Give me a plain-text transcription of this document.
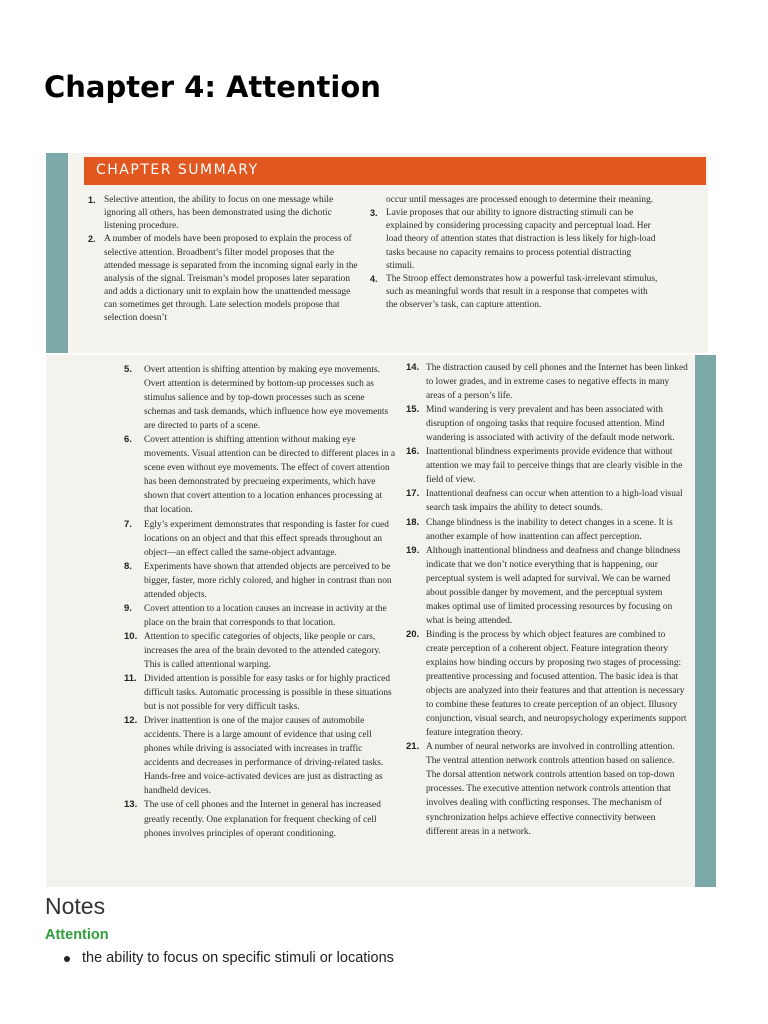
Chapter 4: Attention
CHAPTER SUMMARY
1. Selective attention, the ability to focus on one message while ignoring all others, has been demonstrated using the dichotic listening procedure.
2. A number of models have been proposed to explain the process of selective attention. Broadbent’s filter model proposes that the attended message is separated from the incoming signal early in the analysis of the signal. Treisman’s model proposes later separation and adds a dictionary unit to explain how the unattended message can sometimes get through. Late selection models propose that selection doesn’t
occur until messages are processed enough to determine their meaning.
3. Lavie proposes that our ability to ignore distracting stimuli can be explained by considering processing capacity and perceptual load. Her load theory of attention states that distraction is less likely for high-load tasks because no capacity remains to process potential distracting stimuli.
4. The Stroop effect demonstrates how a powerful task-irrelevant stimulus, such as meaningful words that result in a response that competes with the observer’s task, can capture attention.
5. Overt attention is shifting attention by making eye movements. Overt attention is determined by bottom-up processes such as stimulus salience and by top-down processes such as scene schemas and task demands, which influence how eye movements are directed to parts of a scene.
6. Covert attention is shifting attention without making eye movements. Visual attention can be directed to different places in a scene even without eye movements. The effect of covert attention has been demonstrated by precueing experiments, which have shown that covert attention to a location enhances processing at that location.
7. Egly’s experiment demonstrates that responding is faster for cued locations on an object and that this effect spreads throughout an object—an effect called the same-object advantage.
8. Experiments have shown that attended objects are perceived to be bigger, faster, more richly colored, and higher in contrast than non attended objects.
9. Covert attention to a location causes an increase in activity at the place on the brain that corresponds to that location.
10. Attention to specific categories of objects, like people or cars, increases the area of the brain devoted to the attended category. This is called attentional warping.
11. Divided attention is possible for easy tasks or for highly practiced difficult tasks. Automatic processing is possible in these situations but is not possible for very difficult tasks.
12. Driver inattention is one of the major causes of automobile accidents. There is a large amount of evidence that using cell phones while driving is associated with increases in traffic accidents and decreases in performance of driving-related tasks. Hands-free and voice-activated devices are just as distracting as handheld devices.
13. The use of cell phones and the Internet in general has increased greatly recently. One explanation for frequent checking of cell phones involves principles of operant conditioning.
14. The distraction caused by cell phones and the Internet has been linked to lower grades, and in extreme cases to negative effects in many areas of a person’s life.
15. Mind wandering is very prevalent and has been associated with disruption of ongoing tasks that require focused attention. Mind wandering is associated with activity of the default mode network.
16. Inattentional blindness experiments provide evidence that without attention we may fail to perceive things that are clearly visible in the field of view.
17. Inattentional deafness can occur when attention to a high-load visual search task impairs the ability to detect sounds.
18. Change blindness is the inability to detect changes in a scene. It is another example of how inattention can affect perception.
19. Although inattentional blindness and deafness and change blindness indicate that we don’t notice everything that is happening, our perceptual system is well adapted for survival. We can be warned about possible danger by movement, and the perceptual system makes optimal use of limited processing resources by focusing on what is being attended.
20. Binding is the process by which object features are combined to create perception of a coherent object. Feature integration theory explains how binding occurs by proposing two stages of processing: preattentive processing and focused attention. The basic idea is that objects are analyzed into their features and that attention is necessary to combine these features to create perception of an object. Illusory conjunction, visual search, and neuropsychology experiments support feature integration theory.
21. A number of neural networks are involved in controlling attention. The ventral attention network controls attention based on salience. The dorsal attention network controls attention based on top-down processes. The executive attention network controls attention that involves dealing with conflicting responses. The mechanism of synchronization helps achieve effective connectivity between different areas in a network.
Notes
Attention
the ability to focus on specific stimuli or locations
